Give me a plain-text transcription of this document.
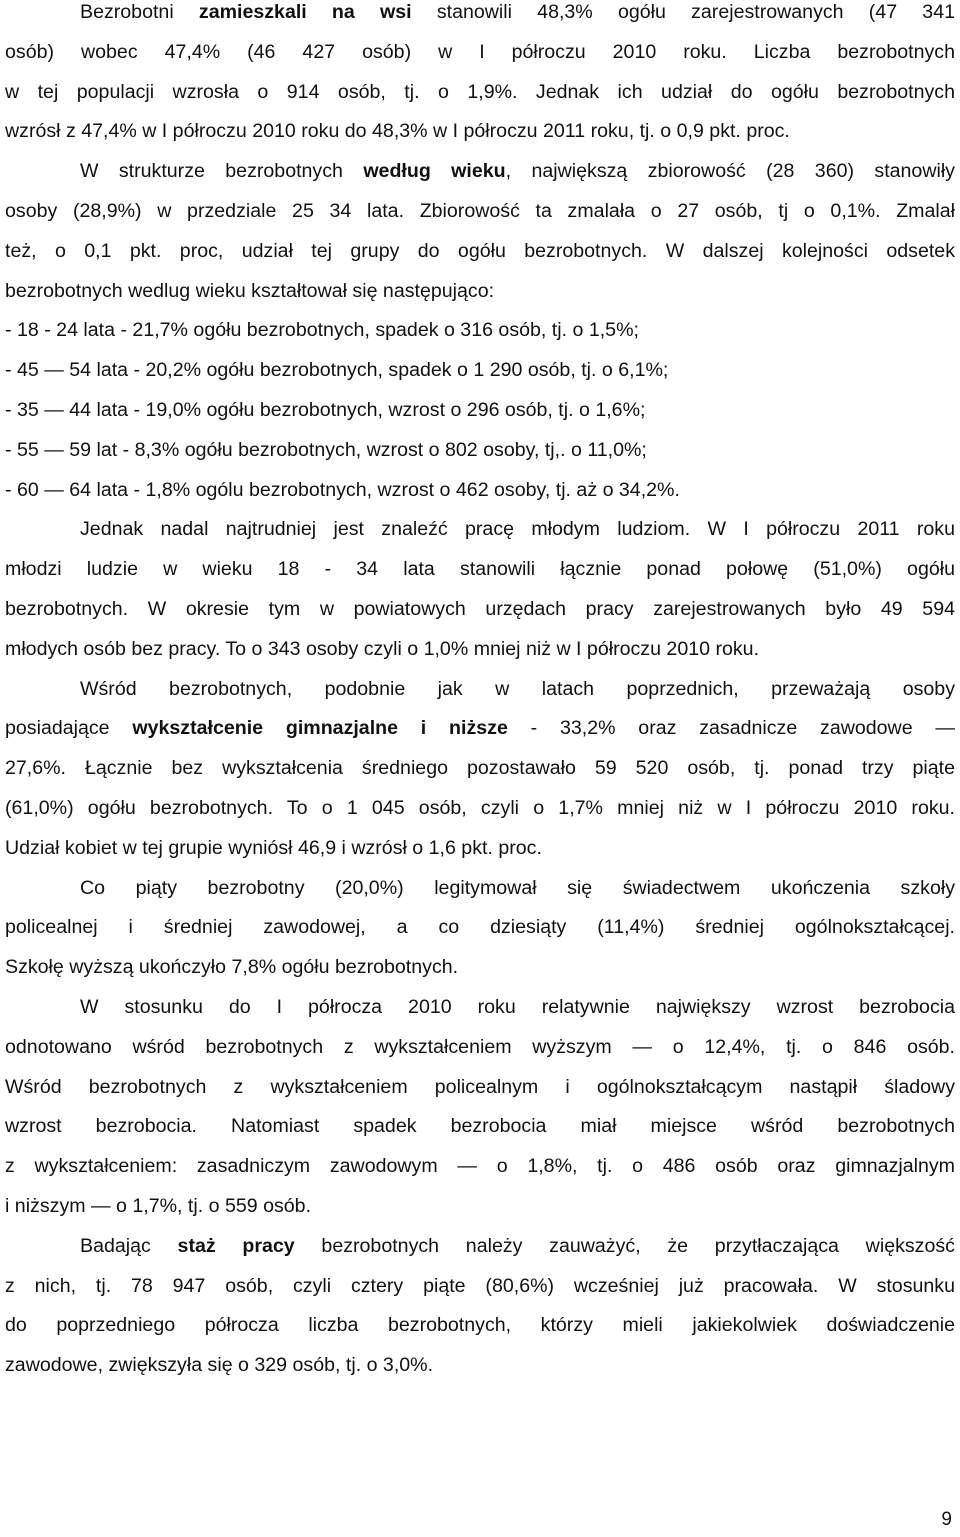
Bezrobotni zamieszkali na wsi stanowili 48,3% ogółu zarejestrowanych (47 341
osób) wobec 47,4% (46 427 osób) w I półroczu 2010 roku. Liczba bezrobotnych
w tej populacji wzrosła o 914 osób, tj. o 1,9%. Jednak ich udział do ogółu bezrobotnych
wzrósł z 47,4% w I półroczu 2010 roku do 48,3% w I półroczu 2011 roku, tj. o 0,9 pkt. proc.
W strukturze bezrobotnych według wieku, największą zbiorowość (28 360) stanowiły
osoby (28,9%) w przedziale 25 34 lata. Zbiorowość ta zmalała o 27 osób, tj o 0,1%. Zmalał
też, o 0,1 pkt. proc, udział tej grupy do ogółu bezrobotnych. W dalszej kolejności odsetek
bezrobotnych wedlug wieku kształtował się następująco:
- 18 - 24 lata - 21,7% ogółu bezrobotnych, spadek o 316 osób, tj. o 1,5%;
- 45 — 54 lata - 20,2% ogółu bezrobotnych, spadek o 1 290 osób, tj. o 6,1%;
- 35 — 44 lata - 19,0% ogółu bezrobotnych, wzrost o 296 osób, tj. o 1,6%;
- 55 — 59 lat - 8,3% ogółu bezrobotnych, wzrost o 802 osoby, tj,. o 11,0%;
- 60 — 64 lata - 1,8% ogólu bezrobotnych, wzrost o 462 osoby, tj. aż o 34,2%.
Jednak nadal najtrudniej jest znaleźć pracę młodym ludziom. W I półroczu 2011 roku
młodzi ludzie w wieku 18 - 34 lata stanowili łącznie ponad połowę (51,0%) ogółu
bezrobotnych. W okresie tym w powiatowych urzędach pracy zarejestrowanych było 49 594
młodych osób bez pracy. To o 343 osoby czyli o 1,0% mniej niż w I półroczu 2010 roku.
Wśród bezrobotnych, podobnie jak w latach poprzednich, przeważają osoby
posiadające wykształcenie gimnazjalne i niższe - 33,2% oraz zasadnicze zawodowe —
27,6%. Łącznie bez wykształcenia średniego pozostawało 59 520 osób, tj. ponad trzy piąte
(61,0%) ogółu bezrobotnych. To o 1 045 osób, czyli o 1,7% mniej niż w I półroczu 2010 roku.
Udział kobiet w tej grupie wyniósł 46,9 i wzrósł o 1,6 pkt. proc.
Co piąty bezrobotny (20,0%) legitymował się świadectwem ukończenia szkoły
policealnej i średniej zawodowej, a co dziesiąty (11,4%) średniej ogólnokształcącej.
Szkołę wyższą ukończyło 7,8% ogółu bezrobotnych.
W stosunku do I półrocza 2010 roku relatywnie największy wzrost bezrobocia
odnotowano wśród bezrobotnych z wykształceniem wyższym — o 12,4%, tj. o 846 osób.
Wśród bezrobotnych z wykształceniem policealnym i ogólnokształcącym nastąpił śladowy
wzrost bezrobocia. Natomiast spadek bezrobocia miał miejsce wśród bezrobotnych
z wykształceniem: zasadniczym zawodowym — o 1,8%, tj. o 486 osób oraz gimnazjalnym
i niższym — o 1,7%, tj. o 559 osób.
Badając staż pracy bezrobotnych należy zauważyć, że przytłaczająca większość
z nich, tj. 78 947 osób, czyli cztery piąte (80,6%) wcześniej już pracowała. W stosunku
do poprzedniego półrocza liczba bezrobotnych, którzy mieli jakiekolwiek doświadczenie
zawodowe, zwiększyła się o 329 osób, tj. o 3,0%.
9
